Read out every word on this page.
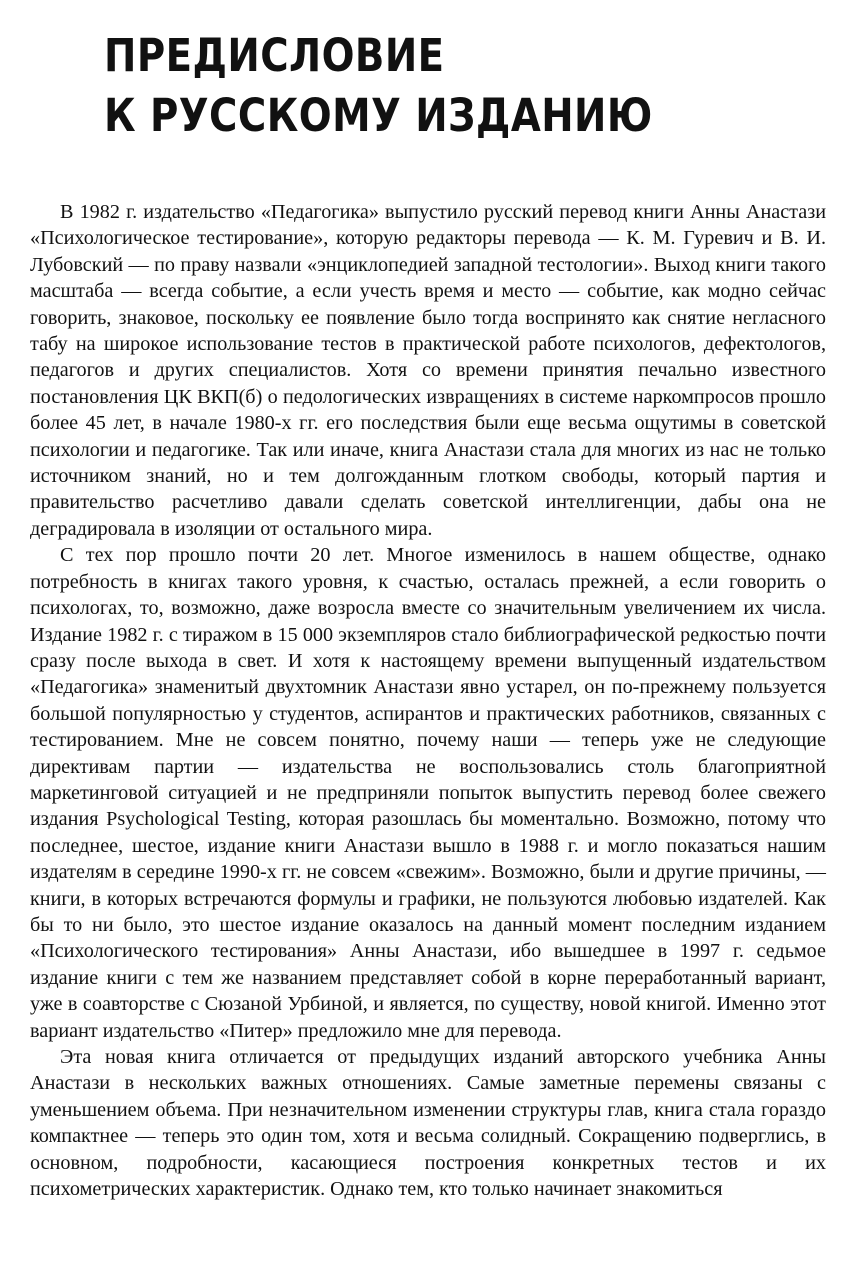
ПРЕДИСЛОВИЕ
К РУССКОМУ ИЗДАНИЮ

В 1982 г. издательство «Педагогика» выпустило русский перевод книги Анны Анастази «Психологическое тестирование», которую редакторы перевода — К. М. Гуревич и В. И. Лубовский — по праву назвали «энциклопедией западной тестологии». Выход книги такого масштаба — всегда событие, а если учесть время и место — событие, как модно сейчас говорить, знаковое, поскольку ее появление было тогда воспринято как снятие негласного табу на широкое использование тестов в практической работе психологов, дефектологов, педагогов и других специалистов. Хотя со времени принятия печально известного постановления ЦК ВКП(б) о педологических извращениях в системе наркомпросов прошло более 45 лет, в начале 1980-х гг. его последствия были еще весьма ощутимы в советской психологии и педагогике. Так или иначе, книга Анастази стала для многих из нас не только источником знаний, но и тем долгожданным глотком свободы, который партия и правительство расчетливо давали сделать советской интеллигенции, дабы она не деградировала в изоляции от остального мира.

С тех пор прошло почти 20 лет. Многое изменилось в нашем обществе, однако потребность в книгах такого уровня, к счастью, осталась прежней, а если говорить о психологах, то, возможно, даже возросла вместе со значительным увеличением их числа. Издание 1982 г. с тиражом в 15 000 экземпляров стало библиографической редкостью почти сразу после выхода в свет. И хотя к настоящему времени выпущенный издательством «Педагогика» знаменитый двухтомник Анастази явно устарел, он по-прежнему пользуется большой популярностью у студентов, аспирантов и практических работников, связанных с тестированием. Мне не совсем понятно, почему наши — теперь уже не следующие директивам партии — издательства не воспользовались столь благоприятной маркетинговой ситуацией и не предприняли попыток выпустить перевод более свежего издания Psychological Testing, которая разошлась бы моментально. Возможно, потому что последнее, шестое, издание книги Анастази вышло в 1988 г. и могло показаться нашим издателям в середине 1990-х гг. не совсем «свежим». Возможно, были и другие причины, — книги, в которых встречаются формулы и графики, не пользуются любовью издателей. Как бы то ни было, это шестое издание оказалось на данный момент последним изданием «Психологического тестирования» Анны Анастази, ибо вышедшее в 1997 г. седьмое издание книги с тем же названием представляет собой в корне переработанный вариант, уже в соавторстве с Сюзаной Урбиной, и является, по существу, новой книгой. Именно этот вариант издательство «Питер» предложило мне для перевода.

Эта новая книга отличается от предыдущих изданий авторского учебника Анны Анастази в нескольких важных отношениях. Самые заметные перемены связаны с уменьшением объема. При незначительном изменении структуры глав, книга стала гораздо компактнее — теперь это один том, хотя и весьма солидный. Сокращению подверглись, в основном, подробности, касающиеся построения конкретных тестов и их психометрических характеристик. Однако тем, кто только начинает знакомиться
